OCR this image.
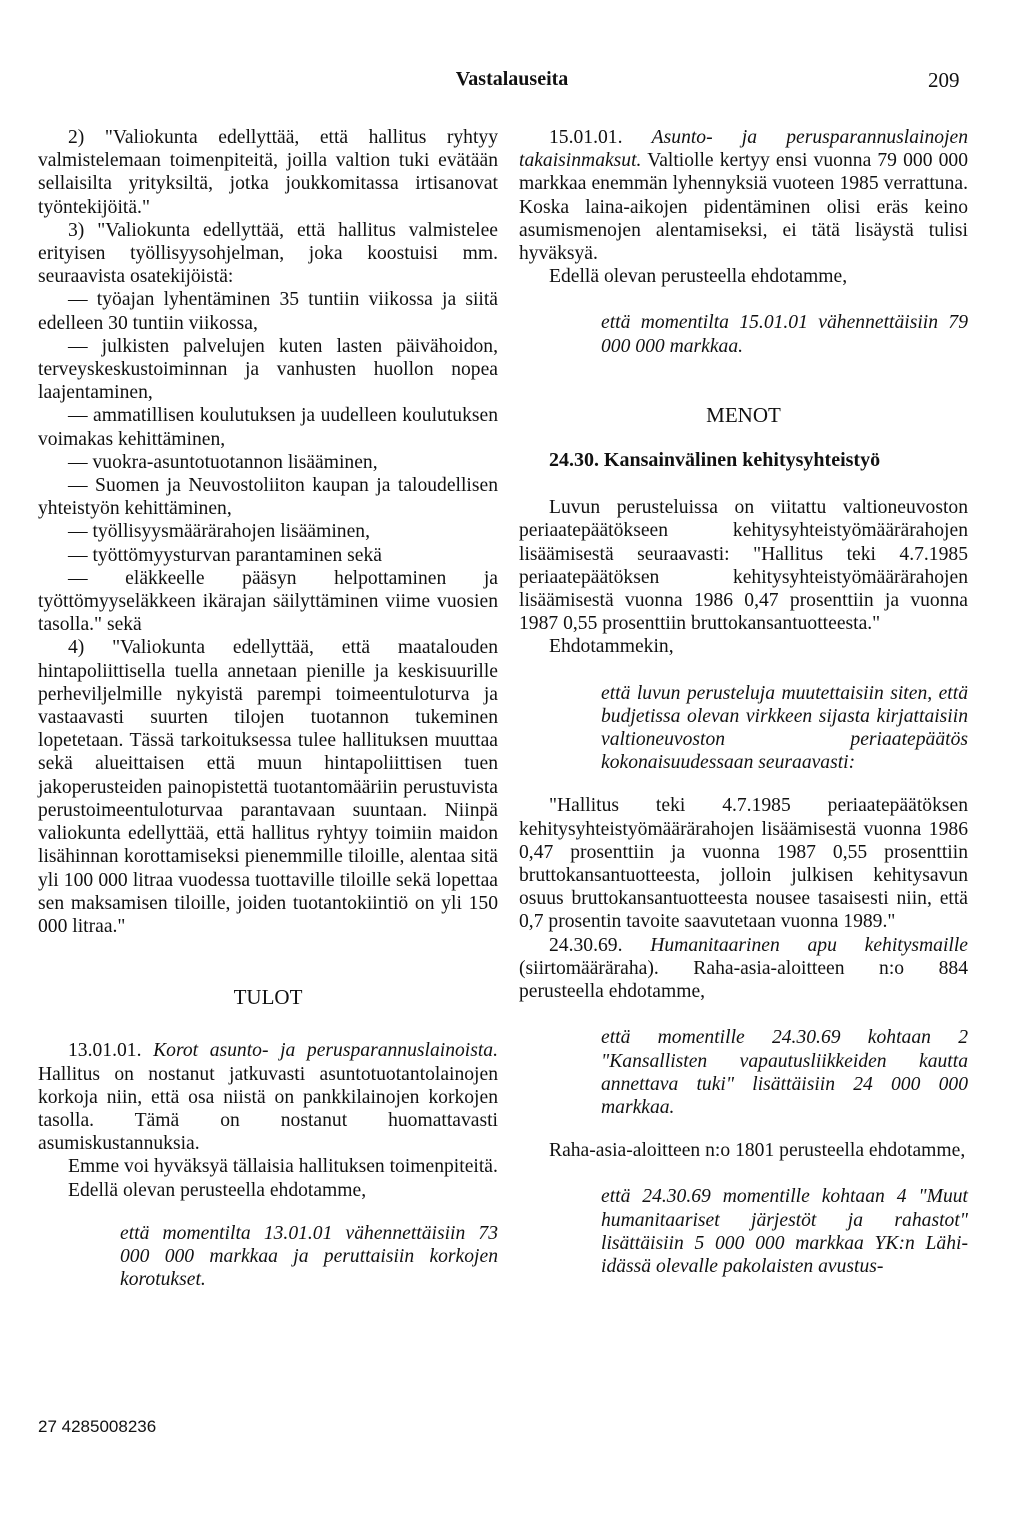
Vastalauseita	209

2) "Valiokunta edellyttää, että hallitus ryhtyy valmistelemaan toimenpiteitä, joilla valtion tuki evätään sellaisilta yrityksiltä, jotka joukkomitassa irtisanovat työntekijöitä."

3) "Valiokunta edellyttää, että hallitus valmistelee erityisen työllisyysohjelman, joka koostuisi mm. seuraavista osatekijöistä:

— työajan lyhentäminen 35 tuntiin viikossa ja siitä edelleen 30 tuntiin viikossa,

— julkisten palvelujen kuten lasten päivähoidon, terveyskeskustoiminnan ja vanhusten huollon nopea laajentaminen,

— ammatillisen koulutuksen ja uudelleen koulutuksen voimakas kehittäminen,

— vuokra-asuntotuotannon lisääminen,

— Suomen ja Neuvostoliiton kaupan ja taloudellisen yhteistyön kehittäminen,

— työllisyysmäärärahojen lisääminen,

— työttömyysturvan parantaminen sekä

— eläkkeelle pääsyn helpottaminen ja työttömyyseläkkeen ikärajan säilyttäminen viime vuosien tasolla." sekä

4) "Valiokunta edellyttää, että maatalouden hintapoliittisella tuella annetaan pienille ja keskisuurille perheviljelmille nykyistä parempi toimeentuloturva ja vastaavasti suurten tilojen tuotannon tukeminen lopetetaan. Tässä tarkoituksessa tulee hallituksen muuttaa sekä alueittaisen että muun hintapoliittisen tuen jakoperusteiden painopistettä tuotantomääriin perustuvista perustoimeentuloturvaa parantavaan suuntaan. Niinpä valiokunta edellyttää, että hallitus ryhtyy toimiin maidon lisähinnan korottamiseksi pienemmille tiloille, alentaa sitä yli 100 000 litraa vuodessa tuottaville tiloille sekä lopettaa sen maksamisen tiloille, joiden tuotantokiintiö on yli 150 000 litraa."

TULOT

13.01.01. Korot asunto- ja perusparannuslainoista. Hallitus on nostanut jatkuvasti asuntotuotantolainojen korkoja niin, että osa niistä on pankkilainojen korkojen tasolla. Tämä on nostanut huomattavasti asumiskustannuksia.

Emme voi hyväksyä tällaisia hallituksen toimenpiteitä.

Edellä olevan perusteella ehdotamme,

että momentilta 13.01.01 vähennettäisiin 73 000 000 markkaa ja peruttaisiin korkojen korotukset.

15.01.01. Asunto- ja perusparannuslainojen takaisinmaksut. Valtiolle kertyy ensi vuonna 79 000 000 markkaa enemmän lyhennyksiä vuoteen 1985 verrattuna. Koska laina-aikojen pidentäminen olisi eräs keino asumismenojen alentamiseksi, ei tätä lisäystä tulisi hyväksyä.

Edellä olevan perusteella ehdotamme,

että momentilta 15.01.01 vähennettäisiin 79 000 000 markkaa.

MENOT

24.30. Kansainvälinen kehitysyhteistyö

Luvun perusteluissa on viitattu valtioneuvoston periaatepäätökseen kehitysyhteistyömäärärahojen lisäämisestä seuraavasti: "Hallitus teki 4.7.1985 periaatepäätöksen kehitysyhteistyömäärärahojen lisäämisestä vuonna 1986 0,47 prosenttiin ja vuonna 1987 0,55 prosenttiin bruttokansantuotteesta."

Ehdotammekin,

että luvun perusteluja muutettaisiin siten, että budjetissa olevan virkkeen sijasta kirjattaisiin valtioneuvoston periaatepäätös kokonaisuudessaan seuraavasti:

"Hallitus teki 4.7.1985 periaatepäätöksen kehitysyhteistyömäärärahojen lisäämisestä vuonna 1986 0,47 prosenttiin ja vuonna 1987 0,55 prosenttiin bruttokansantuotteesta, jolloin julkisen kehitysavun osuus bruttokansantuotteesta nousee tasaisesti niin, että 0,7 prosentin tavoite saavutetaan vuonna 1989."

24.30.69. Humanitaarinen apu kehitysmaille (siirtomääräraha). Raha-asia-aloitteen n:o 884 perusteella ehdotamme,

että momentille 24.30.69 kohtaan 2 "Kansallisten vapautusliikkeiden kautta annettava tuki" lisättäisiin 24 000 000 markkaa.

Raha-asia-aloitteen n:o 1801 perusteella ehdotamme,

että 24.30.69 momentille kohtaan 4 "Muut humanitaariset järjestöt ja rahastot" lisättäisiin 5 000 000 markkaa YK:n Lähi-idässä olevalle pakolaisten avustus-

27 4285008236
